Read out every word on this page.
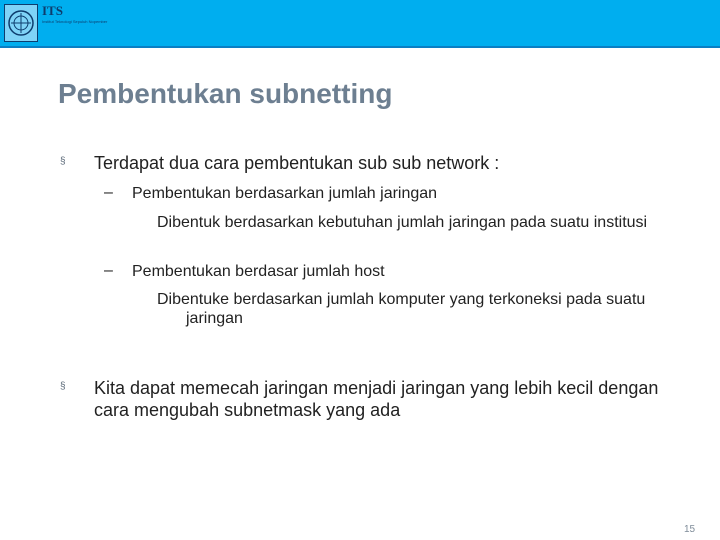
ITS
Institut Teknologi Sepuluh Nopember
Pembentukan subnetting
§ Terdapat dua cara pembentukan sub sub network :
– Pembentukan berdasarkan jumlah jaringan
Dibentuk berdasarkan kebutuhan jumlah jaringan pada suatu institusi
– Pembentukan berdasar jumlah host
Dibentuke berdasarkan jumlah komputer yang terkoneksi pada suatu jaringan
§ Kita dapat memecah jaringan menjadi jaringan yang lebih kecil dengan cara mengubah subnetmask yang ada
15
